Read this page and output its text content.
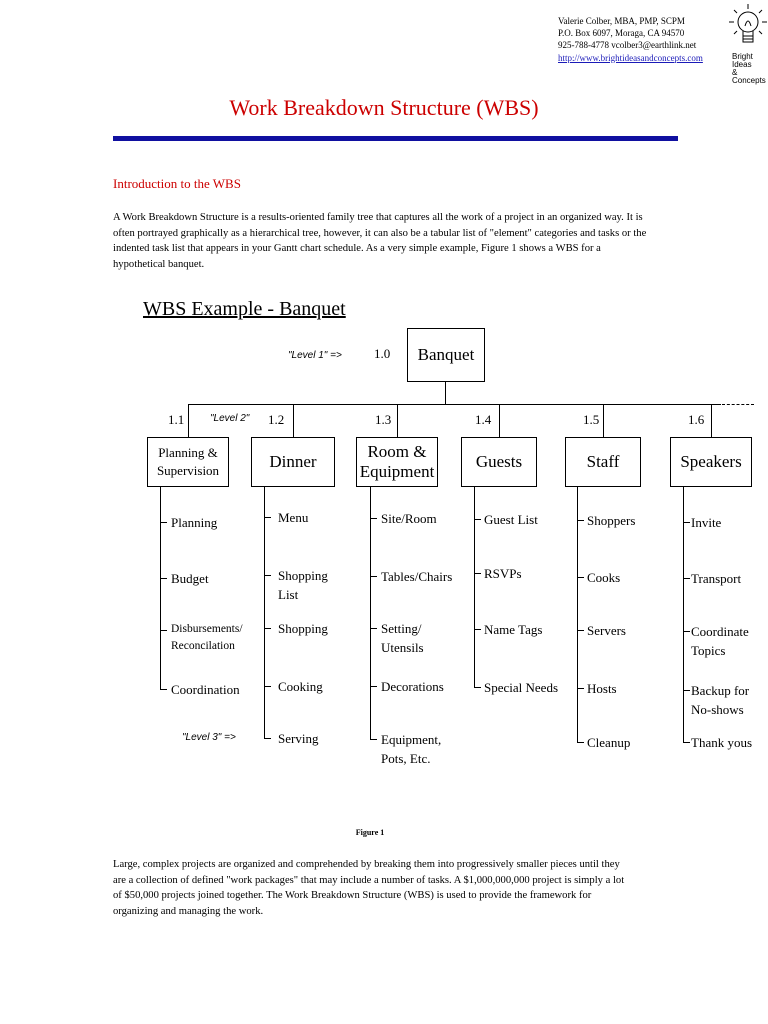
Valerie Colber, MBA, PMP, SCPM
P.O. Box 6097, Moraga, CA 94570
925-788-4778 vcolber3@earthlink.net
http://www.brightideasandconcepts.com	Bright Ideas
& Concepts
Work Breakdown Structure (WBS)
Introduction to the WBS
A Work Breakdown Structure is a results-oriented family tree that captures all the work of a project in an organized way. It is often portrayed graphically as a hierarchical tree, however, it can also be a tabular list of "element" categories and tasks or the indented task list that appears in your Gantt chart schedule. As a very simple example, Figure 1 shows a WBS for a hypothetical banquet.
WBS Example - Banquet
"Level 1" =>
"Level 2"
"Level 3" =>
1.0	Banquet
1.1
Planning &
Supervision
Planning
Budget
Disbursements/
Reconcilation
Coordination
1.2
Dinner
Menu
Shopping
List
Shopping
Cooking
Serving
1.3
Room &
Equipment
Site/Room
Tables/Chairs
Setting/
Utensils
Decorations
Equipment,
Pots, Etc.
1.4
Guests
Guest List
RSVPs
Name Tags
Special Needs
1.5
Staff
Shoppers
Cooks
Servers
Hosts
Cleanup
1.6
Speakers
Invite
Transport
Coordinate
Topics
Backup for
No-shows
Thank yous
Figure 1
Large, complex projects are organized and comprehended by breaking them into progressively smaller pieces until they are a collection of defined "work packages" that may include a number of tasks. A $1,000,000,000 project is simply a lot of $50,000 projects joined together. The Work Breakdown Structure (WBS) is used to provide the framework for organizing and managing the work.
